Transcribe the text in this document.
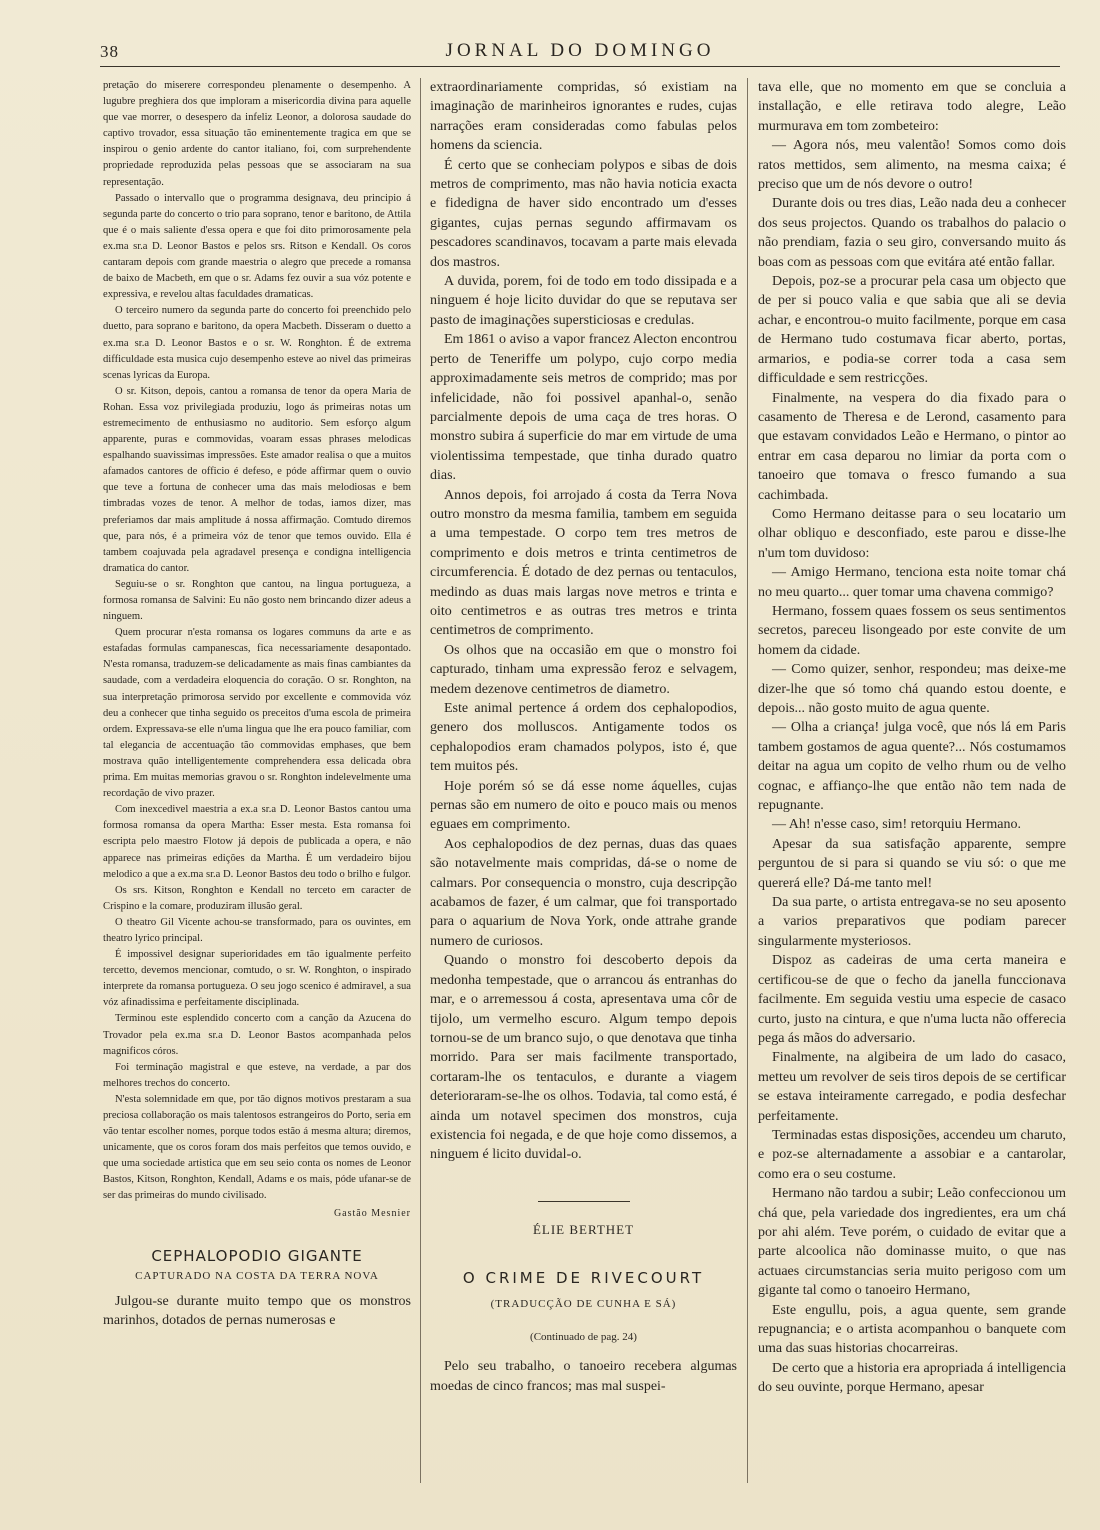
38	JORNAL DO DOMINGO

pretação do miserere correspondeu plenamente o desempenho. A lugubre preghiera dos que imploram a misericordia divina para aquelle que vae morrer, o desespero da infeliz Leonor, a dolorosa saudade do captivo trovador, essa situação tão eminentemente tragica em que se inspirou o genio ardente do cantor italiano, foi, com surprehendente propriedade reproduzida pelas pessoas que se associaram na sua representação.

Passado o intervallo que o programma designava, deu principio á segunda parte do concerto o trio para soprano, tenor e baritono, de Attila que é o mais saliente d'essa opera e que foi dito primorosamente pela ex.ma sr.a D. Leonor Bastos e pelos srs. Ritson e Kendall. Os coros cantaram depois com grande maestria o alegro que precede a romansa de baixo de Macbeth, em que o sr. Adams fez ouvir a sua vóz potente e expressiva, e revelou altas faculdades dramaticas.

O terceiro numero da segunda parte do concerto foi preenchido pelo duetto, para soprano e baritono, da opera Macbeth. Disseram o duetto a ex.ma sr.a D. Leonor Bastos e o sr. W. Ronghton. É de extrema difficuldade esta musica cujo desempenho esteve ao nivel das primeiras scenas lyricas da Europa.

O sr. Kitson, depois, cantou a romansa de tenor da opera Maria de Rohan. Essa voz privilegiada produziu, logo ás primeiras notas um estremecimento de enthusiasmo no auditorio. Sem esforço algum apparente, puras e commovidas, voaram essas phrases melodicas espalhando suavissimas impressões. Este amador realisa o que a muitos afamados cantores de officio é defeso, e póde affirmar quem o ouvio que teve a fortuna de conhecer uma das mais melodiosas e bem timbradas vozes de tenor. A melhor de todas, iamos dizer, mas preferiamos dar mais amplitude á nossa affirmação. Comtudo diremos que, para nós, é a primeira vóz de tenor que temos ouvido. Ella é tambem coajuvada pela agradavel presença e condigna intelligencia dramatica do cantor.

Seguiu-se o sr. Ronghton que cantou, na lingua portugueza, a formosa romansa de Salvini: Eu não gosto nem brincando dizer adeus a ninguem.

Quem procurar n'esta romansa os logares communs da arte e as estafadas formulas campanescas, fica necessariamente desapontado. N'esta romansa, traduzem-se delicadamente as mais finas cambiantes da saudade, com a verdadeira eloquencia do coração. O sr. Ronghton, na sua interpretação primorosa servido por excellente e commovida vóz deu a conhecer que tinha seguido os preceitos d'uma escola de primeira ordem. Expressava-se elle n'uma lingua que lhe era pouco familiar, com tal elegancia de accentuação tão commovidas emphases, que bem mostrava quão intelligentemente comprehendera essa delicada obra prima. Em muitas memorias gravou o sr. Ronghton indelevelmente uma recordação de vivo prazer.

Com inexcedivel maestria a ex.a sr.a D. Leonor Bastos cantou uma formosa romansa da opera Martha: Esser mesta. Esta romansa foi escripta pelo maestro Flotow já depois de publicada a opera, e não apparece nas primeiras edições da Martha. É um verdadeiro bijou melodico a que a ex.ma sr.a D. Leonor Bastos deu todo o brilho e fulgor.

Os srs. Kitson, Ronghton e Kendall no terceto em caracter de Crispino e la comare, produziram illusão geral.

O theatro Gil Vicente achou-se transformado, para os ouvintes, em theatro lyrico principal.

É impossivel designar superioridades em tão igualmente perfeito tercetto, devemos mencionar, comtudo, o sr. W. Ronghton, o inspirado interprete da romansa portugueza. O seu jogo scenico é admiravel, a sua vóz afinadissima e perfeitamente disciplinada.

Terminou este esplendido concerto com a canção da Azucena do Trovador pela ex.ma sr.a D. Leonor Bastos acompanhada pelos magnificos córos.

Foi terminação magistral e que esteve, na verdade, a par dos melhores trechos do concerto.

N'esta solemnidade em que, por tão dignos motivos prestaram a sua preciosa collaboração os mais talentosos estrangeiros do Porto, seria em vão tentar escolher nomes, porque todos estão á mesma altura; diremos, unicamente, que os coros foram dos mais perfeitos que temos ouvido, e que uma sociedade artistica que em seu seio conta os nomes de Leonor Bastos, Kitson, Ronghton, Kendall, Adams e os mais, póde ufanar-se de ser das primeiras do mundo civilisado.

Gastão Mesnier
CEPHALOPODIO GIGANTE
CAPTURADO NA COSTA DA TERRA NOVA

Julgou-se durante muito tempo que os monstros marinhos, dotados de pernas numerosas e

extraordinariamente compridas, só existiam na imaginação de marinheiros ignorantes e rudes, cujas narrações eram consideradas como fabulas pelos homens da sciencia.

É certo que se conheciam polypos e sibas de dois metros de comprimento, mas não havia noticia exacta e fidedigna de haver sido encontrado um d'esses gigantes, cujas pernas segundo affirmavam os pescadores scandinavos, tocavam a parte mais elevada dos mastros.

A duvida, porem, foi de todo em todo dissipada e a ninguem é hoje licito duvidar do que se reputava ser pasto de imaginações supersticiosas e credulas.

Em 1861 o aviso a vapor francez Alecton encontrou perto de Teneriffe um polypo, cujo corpo media approximadamente seis metros de comprido; mas por infelicidade, não foi possivel apanhal-o, senão parcialmente depois de uma caça de tres horas. O monstro subira á superficie do mar em virtude de uma violentissima tempestade, que tinha durado quatro dias.

Annos depois, foi arrojado á costa da Terra Nova outro monstro da mesma familia, tambem em seguida a uma tempestade. O corpo tem tres metros de comprimento e dois metros e trinta centimetros de circumferencia. É dotado de dez pernas ou tentaculos, medindo as duas mais largas nove metros e trinta e oito centimetros e as outras tres metros e trinta centimetros de comprimento.

Os olhos que na occasião em que o monstro foi capturado, tinham uma expressão feroz e selvagem, medem dezenove centimetros de diametro.

Este animal pertence á ordem dos cephalopodios, genero dos molluscos. Antigamente todos os cephalopodios eram chamados polypos, isto é, que tem muitos pés.

Hoje porém só se dá esse nome áquelles, cujas pernas são em numero de oito e pouco mais ou menos eguaes em comprimento.

Aos cephalopodios de dez pernas, duas das quaes são notavelmente mais compridas, dá-se o nome de calmars. Por consequencia o monstro, cuja descripção acabamos de fazer, é um calmar, que foi transportado para o aquarium de Nova York, onde attrahe grande numero de curiosos.

Quando o monstro foi descoberto depois da medonha tempestade, que o arrancou ás entranhas do mar, e o arremessou á costa, apresentava uma côr de tijolo, um vermelho escuro. Algum tempo depois tornou-se de um branco sujo, o que denotava que tinha morrido. Para ser mais facilmente transportado, cortaram-lhe os tentaculos, e durante a viagem deterioraram-se-lhe os olhos. Todavia, tal como está, é ainda um notavel specimen dos monstros, cuja existencia foi negada, e de que hoje como dissemos, a ninguem é licito duvidal-o.

ÉLIE BERTHET
O CRIME DE RIVECOURT
(TRADUCÇÃO DE CUNHA E SÁ)
(Continuado de pag. 24)

Pelo seu trabalho, o tanoeiro recebera algumas moedas de cinco francos; mas mal suspei-

tava elle, que no momento em que se concluia a installação, e elle retirava todo alegre, Leão murmurava em tom zombeteiro:

— Agora nós, meu valentão! Somos como dois ratos mettidos, sem alimento, na mesma caixa; é preciso que um de nós devore o outro!

Durante dois ou tres dias, Leão nada deu a conhecer dos seus projectos. Quando os trabalhos do palacio o não prendiam, fazia o seu giro, conversando muito ás boas com as pessoas com que evitára até então fallar.

Depois, poz-se a procurar pela casa um objecto que de per si pouco valia e que sabia que ali se devia achar, e encontrou-o muito facilmente, porque em casa de Hermano tudo costumava ficar aberto, portas, armarios, e podia-se correr toda a casa sem difficuldade e sem restricções.

Finalmente, na vespera do dia fixado para o casamento de Theresa e de Lerond, casamento para que estavam convidados Leão e Hermano, o pintor ao entrar em casa deparou no limiar da porta com o tanoeiro que tomava o fresco fumando a sua cachimbada.

Como Hermano deitasse para o seu locatario um olhar obliquo e desconfiado, este parou e disse-lhe n'um tom duvidoso:

— Amigo Hermano, tenciona esta noite tomar chá no meu quarto... quer tomar uma chavena commigo?

Hermano, fossem quaes fossem os seus sentimentos secretos, pareceu lisongeado por este convite de um homem da cidade.

— Como quizer, senhor, respondeu; mas deixe-me dizer-lhe que só tomo chá quando estou doente, e depois... não gosto muito de agua quente.

— Olha a criança! julga você, que nós lá em Paris tambem gostamos de agua quente?... Nós costumamos deitar na agua um copito de velho rhum ou de velho cognac, e affianço-lhe que então não tem nada de repugnante.

— Ah! n'esse caso, sim! retorquiu Hermano.

Apesar da sua satisfação apparente, sempre perguntou de si para si quando se viu só: o que me quererá elle? Dá-me tanto mel!

Da sua parte, o artista entregava-se no seu aposento a varios preparativos que podiam parecer singularmente mysteriosos.

Dispoz as cadeiras de uma certa maneira e certificou-se de que o fecho da janella funccionava facilmente. Em seguida vestiu uma especie de casaco curto, justo na cintura, e que n'uma lucta não offerecia pega ás mãos do adversario.

Finalmente, na algibeira de um lado do casaco, metteu um revolver de seis tiros depois de se certificar se estava inteiramente carregado, e podia desfechar perfeitamente.

Terminadas estas disposições, accendeu um charuto, e poz-se alternadamente a assobiar e a cantarolar, como era o seu costume.

Hermano não tardou a subir; Leão confeccionou um chá que, pela variedade dos ingredientes, era um chá por ahi além. Teve porém, o cuidado de evitar que a parte alcoolica não dominasse muito, o que nas actuaes circumstancias seria muito perigoso com um gigante tal como o tanoeiro Hermano,

Este engullu, pois, a agua quente, sem grande repugnancia; e o artista acompanhou o banquete com uma das suas historias chocarreiras.

De certo que a historia era apropriada á intelligencia do seu ouvinte, porque Hermano, apesar
